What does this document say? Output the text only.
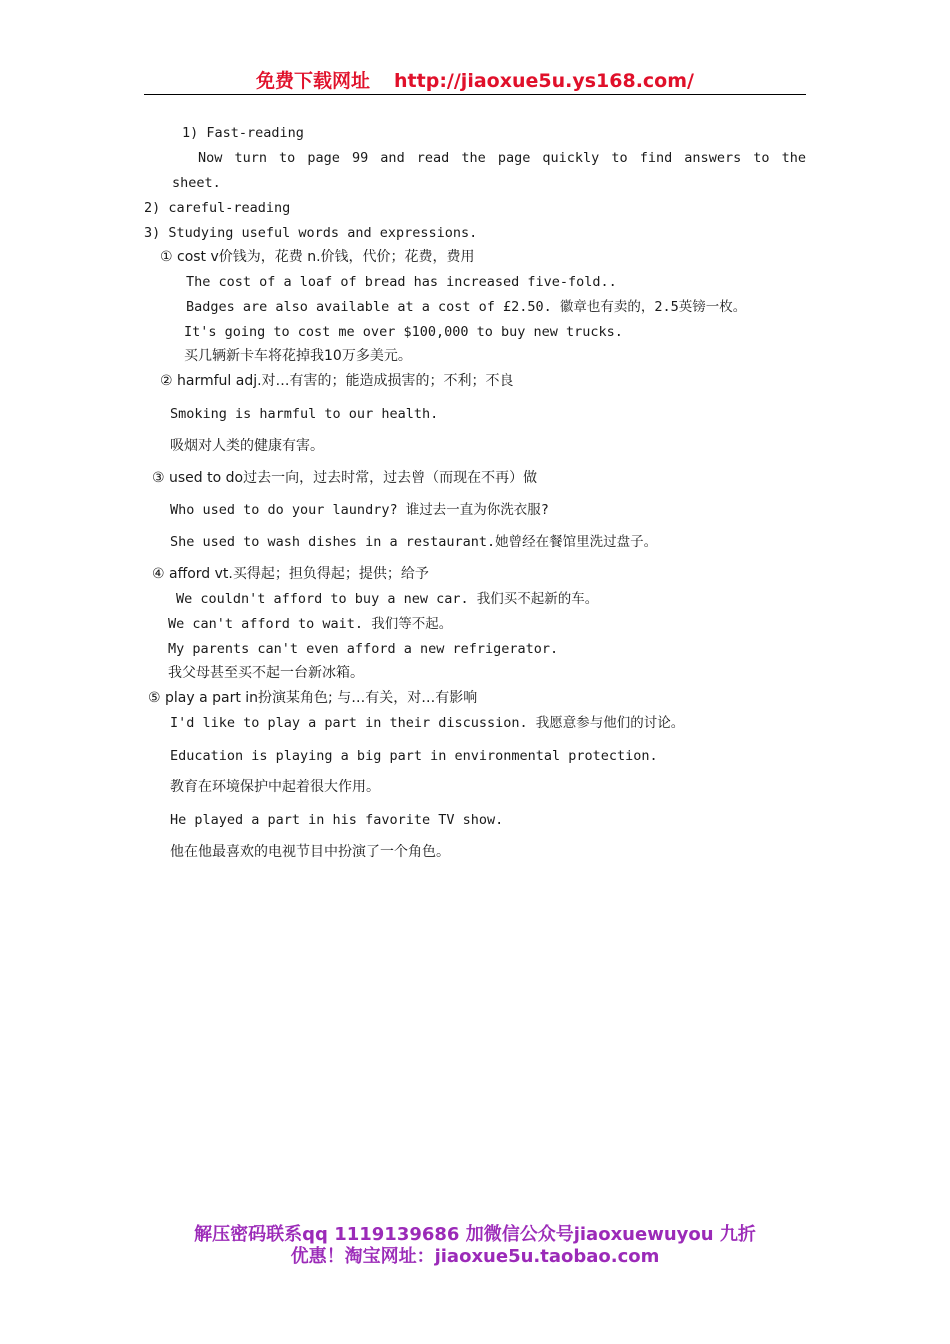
免费下载网址 http://jiaoxue5u.ys168.com/
1) Fast-reading
Now turn to page 99 and read the page quickly to find answers to the
sheet.
2) careful-reading
3) Studying useful words and expressions.
① cost v价钱为，花费 n.价钱，代价；花费，费用
The cost of a loaf of bread has increased five-fold..
Badges are also available at a cost of £2.50. 徽章也有卖的，2.5英镑一枚。
It's going to cost me over $100,000 to buy new trucks.
买几辆新卡车将花掉我10万多美元。
② harmful adj.对…有害的；能造成损害的；不利；不良
Smoking is harmful to our health.
吸烟对人类的健康有害。
③ used to do过去一向，过去时常，过去曾（而现在不再）做
Who used to do your laundry? 谁过去一直为你洗衣服?
She used to wash dishes in a restaurant.她曾经在餐馆里洗过盘子。
④ afford vt.买得起；担负得起；提供；给予
We couldn't afford to buy a new car. 我们买不起新的车。
We can't afford to wait. 我们等不起。
My parents can't even afford a new refrigerator.
我父母甚至买不起一台新冰箱。
⑤ play a part in扮演某角色; 与…有关，对…有影响
I'd like to play a part in their discussion. 我愿意参与他们的讨论。
Education is playing a big part in environmental protection.
教育在环境保护中起着很大作用。
He played a part in his favorite TV show.
他在他最喜欢的电视节目中扮演了一个角色。
解压密码联系qq 1119139686 加微信公众号jiaoxuewuyou 九折
优惠！淘宝网址：jiaoxue5u.taobao.com
